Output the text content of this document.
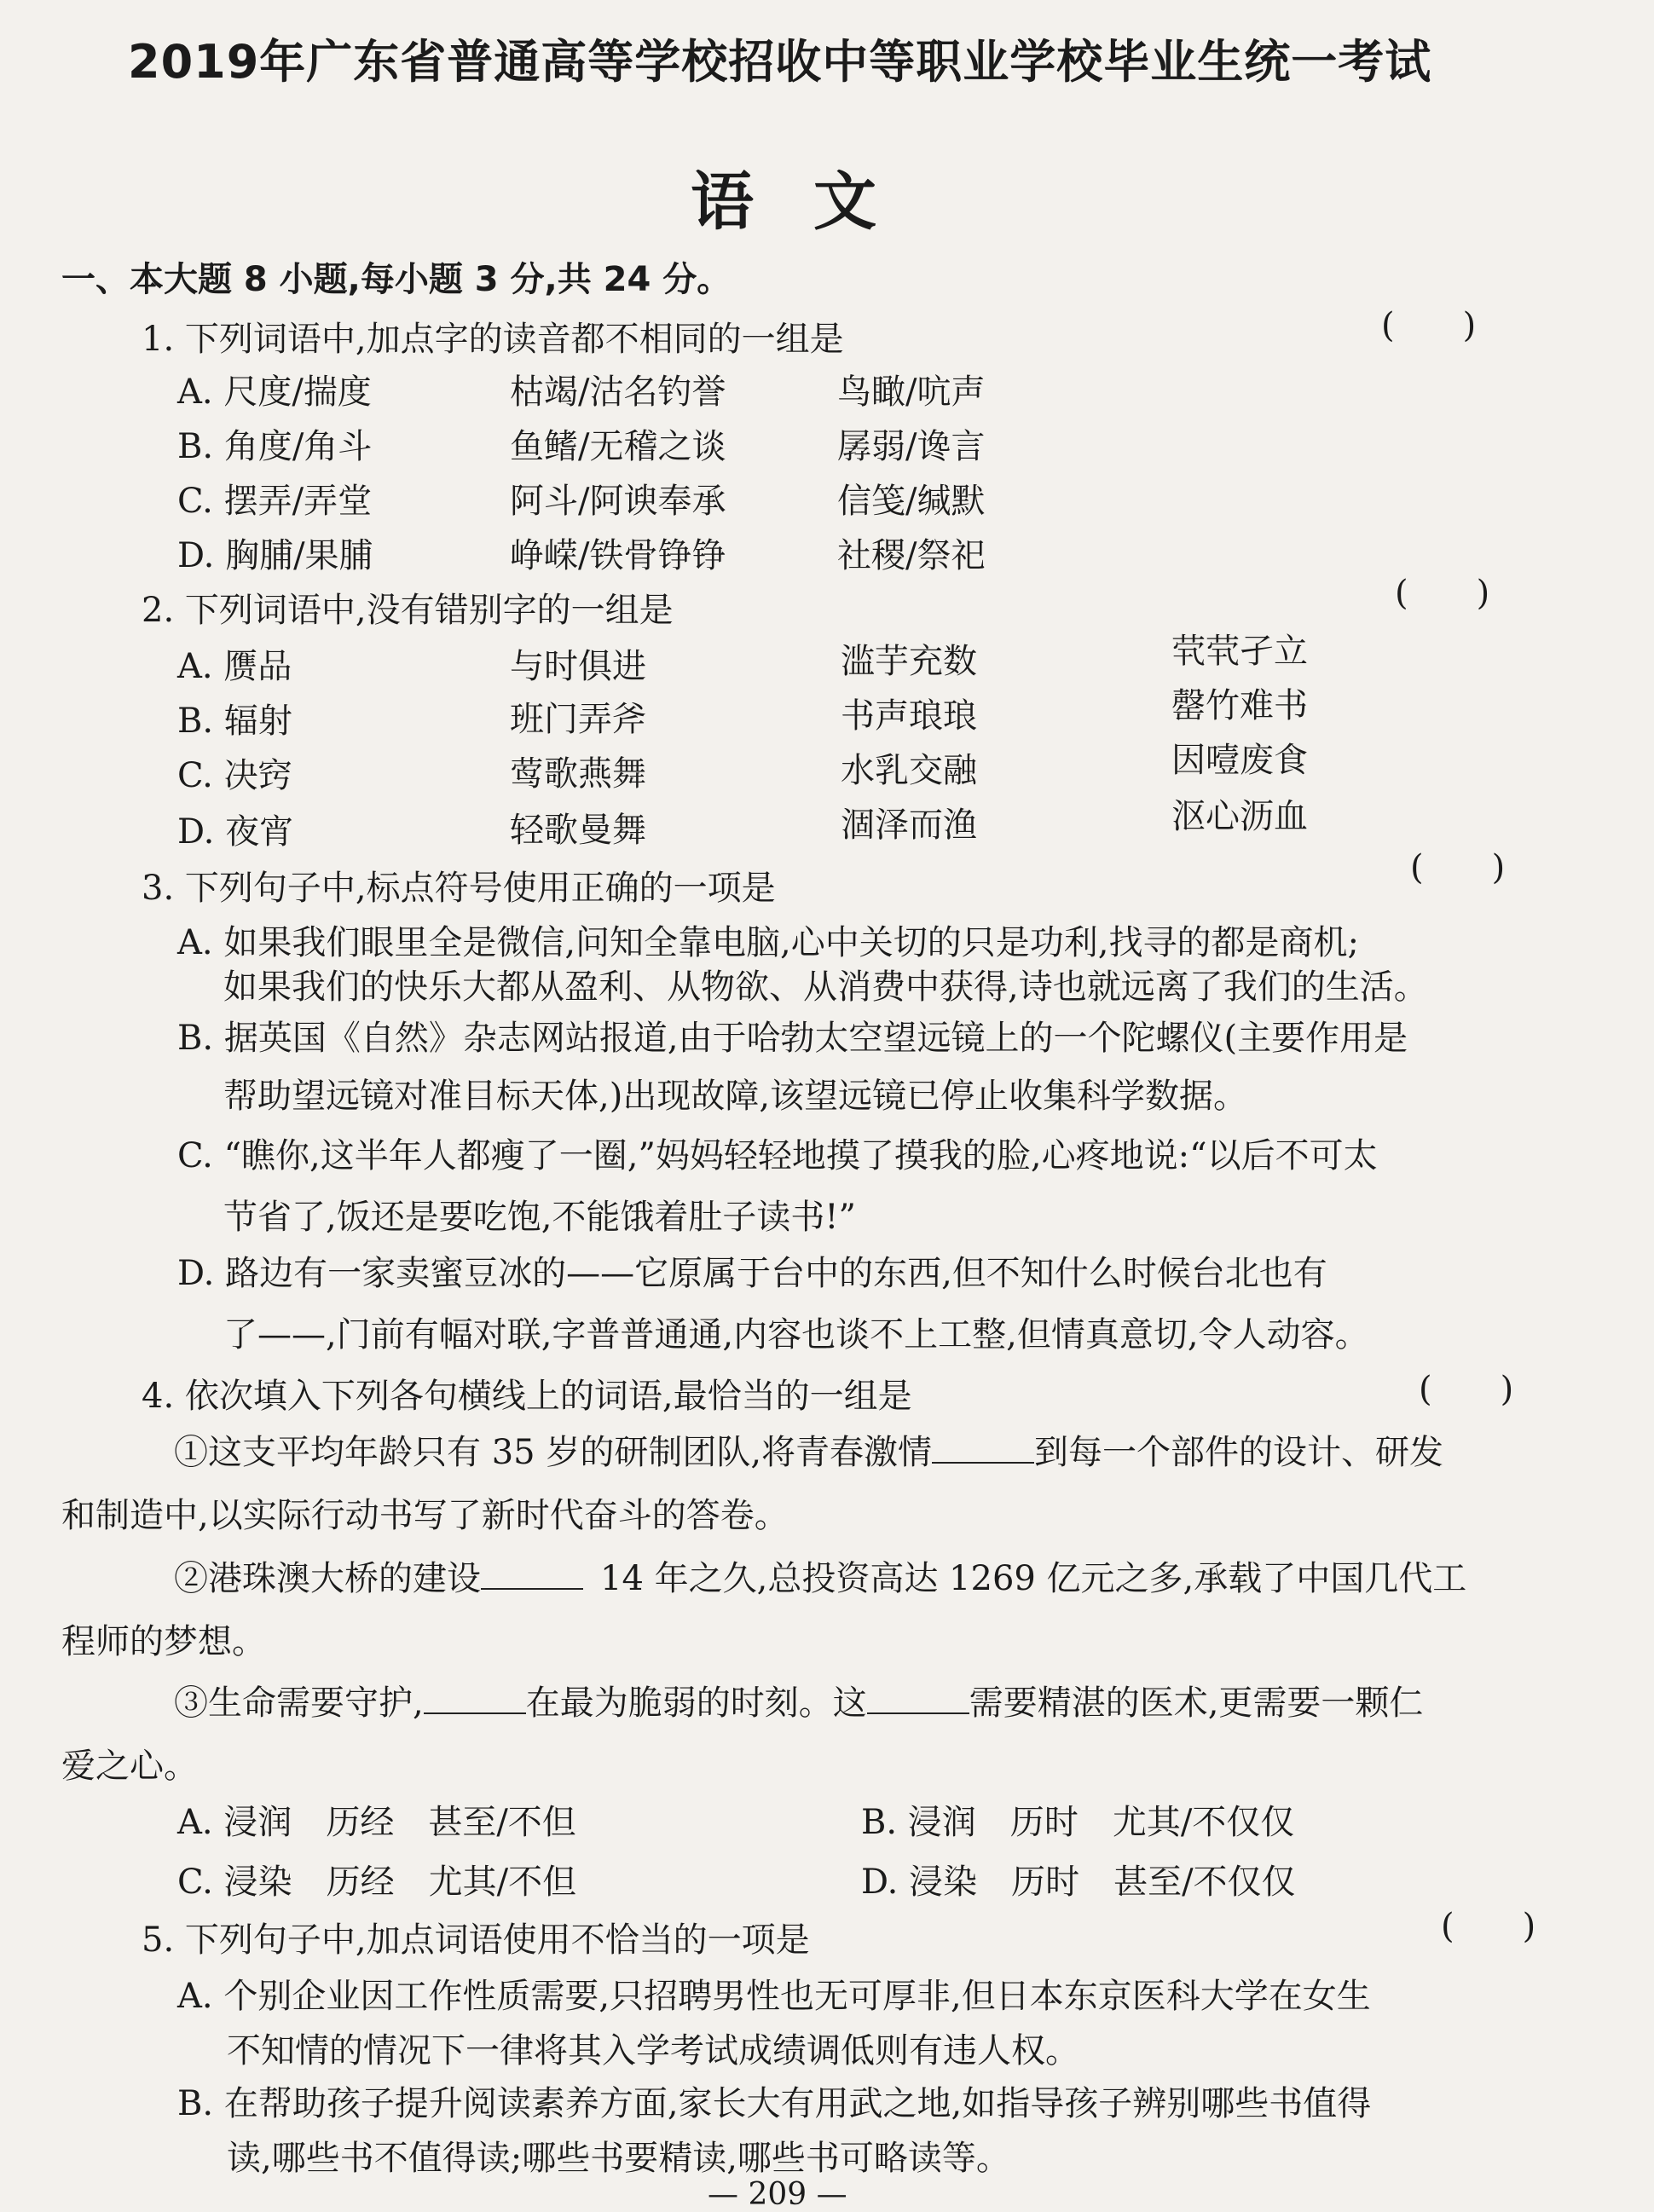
2019年广东省普通高等学校招收中等职业学校毕业生统一考试
语文
一、本大题 8 小题,每小题 3 分,共 24 分。
1. 下列词语中,加点字的读音都不相同的一组是	(　　)
A. 尺度/揣度	枯竭/沽名钓誉	鸟瞰/吭声
B. 角度/角斗	鱼鳍/无稽之谈	孱弱/谗言
C. 摆弄/弄堂	阿斗/阿谀奉承	信笺/缄默
D. 胸脯/果脯	峥嵘/铁骨铮铮	社稷/祭祀
2. 下列词语中,没有错别字的一组是	(　　)
A. 赝品	与时俱进	滥芋充数	茕茕孑立
B. 辐射	班门弄斧	书声琅琅	罄竹难书
C. 决窍	莺歌燕舞	水乳交融	因噎废食
D. 夜宵	轻歌曼舞	涸泽而渔	沤心沥血
3. 下列句子中,标点符号使用正确的一项是
(　　)
A. 如果我们眼里全是微信,问知全靠电脑,心中关切的只是功利,找寻的都是商机;
如果我们的快乐大都从盈利、从物欲、从消费中获得,诗也就远离了我们的生活。
B. 据英国《自然》杂志网站报道,由于哈勃太空望远镜上的一个陀螺仪(主要作用是
帮助望远镜对准目标天体,)出现故障,该望远镜已停止收集科学数据。
C. “瞧你,这半年人都瘦了一圈,”妈妈轻轻地摸了摸我的脸,心疼地说:“以后不可太
节省了,饭还是要吃饱,不能饿着肚子读书!”
D. 路边有一家卖蜜豆冰的——它原属于台中的东西,但不知什么时候台北也有
了——,门前有幅对联,字普普通通,内容也谈不上工整,但情真意切,令人动容。
4. 依次填入下列各句横线上的词语,最恰当的一组是	(　　)
①这支平均年龄只有 35 岁的研制团队,将青春激情	到每一个部件的设计、研发
和制造中,以实际行动书写了新时代奋斗的答卷。
②港珠澳大桥的建设	14 年之久,总投资高达 1269 亿元之多,承载了中国几代工
程师的梦想。
③生命需要守护,	在最为脆弱的时刻。这	需要精湛的医术,更需要一颗仁
爱之心。
A. 浸润　历经　甚至/不但	B. 浸润　历时　尤其/不仅仅
C. 浸染　历经　尤其/不但	D. 浸染　历时　甚至/不仅仅
5. 下列句子中,加点词语使用不恰当的一项是	(　　)
A. 个别企业因工作性质需要,只招聘男性也无可厚非,但日本东京医科大学在女生
不知情的情况下一律将其入学考试成绩调低则有违人权。
B. 在帮助孩子提升阅读素养方面,家长大有用武之地,如指导孩子辨别哪些书值得
读,哪些书不值得读;哪些书要精读,哪些书可略读等。
— 209 —
